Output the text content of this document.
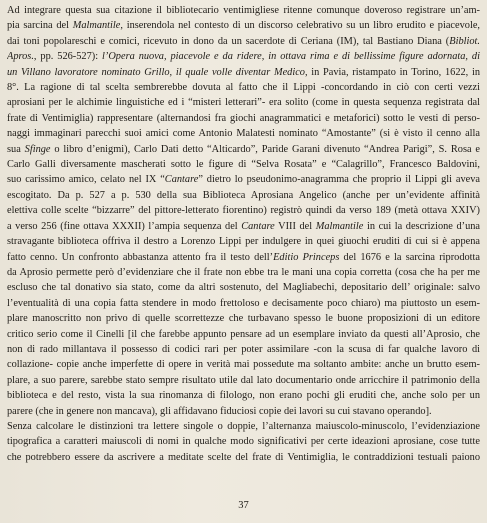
Ad integrare questa sua citazione il bibliotecario ventimigliese ritenne comunque doveroso registrare un’am-
pia sarcina del Malmantile, inserendola nel contesto di un discorso celebrativo su un libro erudito e piacevole,
dai toni popolareschi e comici, ricevuto in dono da un sacerdote di Ceriana (IM), tal Bastiano Diana (Bibliot.
Apros., pp. 526-527): l’Opera nuova, piacevole e da ridere, in ottava rima e di bellissime figure adornata, di
un Villano lavoratore nominato Grillo, il quale volle diventar Medico, in Pavia, ristampato in Torino, 1622, in
8°. La ragione di tal scelta sembrerebbe dovuta al fatto che il Lippi -concordando in ciò con certi vezzi
aprosiani per le alchimie linguistiche ed i “misteri letterari”- era solito (come in questa sequenza registrata dal
frate di Ventimiglia) rappresentare (alternandosi fra giochi anagrammatici e metaforici) sotto le vesti di perso-
naggi immaginari parecchi suoi amici come Antonio Malatesti nominato “Amostante” (si è visto il cenno alla
sua Sfinge o libro d’enigmi), Carlo Dati detto “Alticardo”, Paride Garani divenuto “Andrea Parigi”, S. Rosa e
Carlo Galli diversamente mascherati sotto le figure di “Selva Rosata” e “Calagrillo”, Francesco Baldovini,
suo carissimo amico, celato nel IX “Cantare” dietro lo pseudonimo-anagramma che proprio il Lippi gli aveva
escogitato. Da p. 527 a p. 530 della sua Biblioteca Aprosiana Angelico (anche per un’evidente affinità
elettiva colle scelte “bizzarre” del pittore-letterato fiorentino) registrò quindi da verso 189 (metà ottava XXIV)
a verso 256 (fine ottava XXXII) l’ampia sequenza del Cantare VIII del Malmantile in cui la descrizione d’una
stravagante biblioteca offriva il destro a Lorenzo Lippi per indulgere in quei giuochi eruditi di cui si è appena
fatto cenno. Un confronto abbastanza attento fra il testo dell’Editio Princeps del 1676 e la sarcina riprodotta
da Aprosio permette però d’evidenziare che il frate non ebbe tra le mani una copia corretta (cosa che ha per me
escluso che tal donativo sia stato, come da altri sostenuto, del Magliabechi, depositario dell’ originale: salvo
l’eventualità di una copia fatta stendere in modo frettoloso e decisamente poco chiaro) ma piuttosto un esem-
plare manoscritto non privo di quelle scorrettezze che turbavano spesso le buone proposizioni di un editore
critico serio come il Cinelli [il che farebbe appunto pensare ad un esemplare inviato da questi all’Aprosio, che
non di rado millantava il possesso di codici rari per poter assimilare -con la scusa di far qualche lavoro di
collazione- copie anche imperfette di opere in verità mai possedute ma soltanto ambite: anche un brutto esem-
plare, a suo parere, sarebbe stato sempre risultato utile dal lato documentario onde arricchire il patrimonio della
biblioteca e del resto, vista la sua rinomanza di filologo, non erano pochi gli eruditi che, anche solo per un
parere (che in genere non mancava), gli affidavano fiduciosi copie dei lavori su cui stavano operando].
Senza calcolare le distinzioni tra lettere singole o doppie, l’alternanza maiuscolo-minuscolo, l’evidenziazione
tipografica a caratteri maiuscoli di nomi in qualche modo significativi per certe ideazioni aprosiane, cose tutte
che potrebbero essere da ascrivere a meditate scelte del frate di Ventimiglia, le contraddizioni testuali paiono
37
